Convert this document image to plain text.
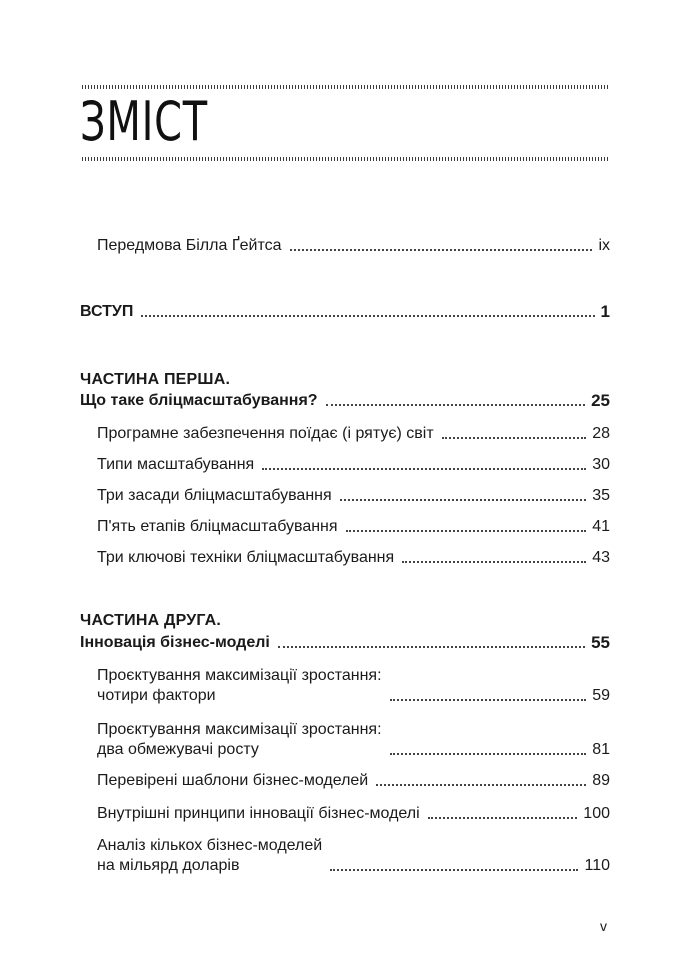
ЗМІСТ
Передмова Білла Ґейтса	ix
ВСТУП	1
ЧАСТИНА ПЕРША.
Що таке бліцмасштабування?	25
Програмне забезпечення поїдає (і рятує) світ	28
Типи масштабування	30
Три засади бліцмасштабування	35
П'ять етапів бліцмасштабування	41
Три ключові техніки бліцмасштабування	43
ЧАСТИНА ДРУГА.
Інновація бізнес-моделі	55
Проєктування максимізації зростання:
чотири фактори	59
Проєктування максимізації зростання:
два обмежувачі росту	81
Перевірені шаблони бізнес-моделей	89
Внутрішні принципи інновації бізнес-моделі	100
Аналіз кількох бізнес-моделей
на мільярд доларів	110
v
